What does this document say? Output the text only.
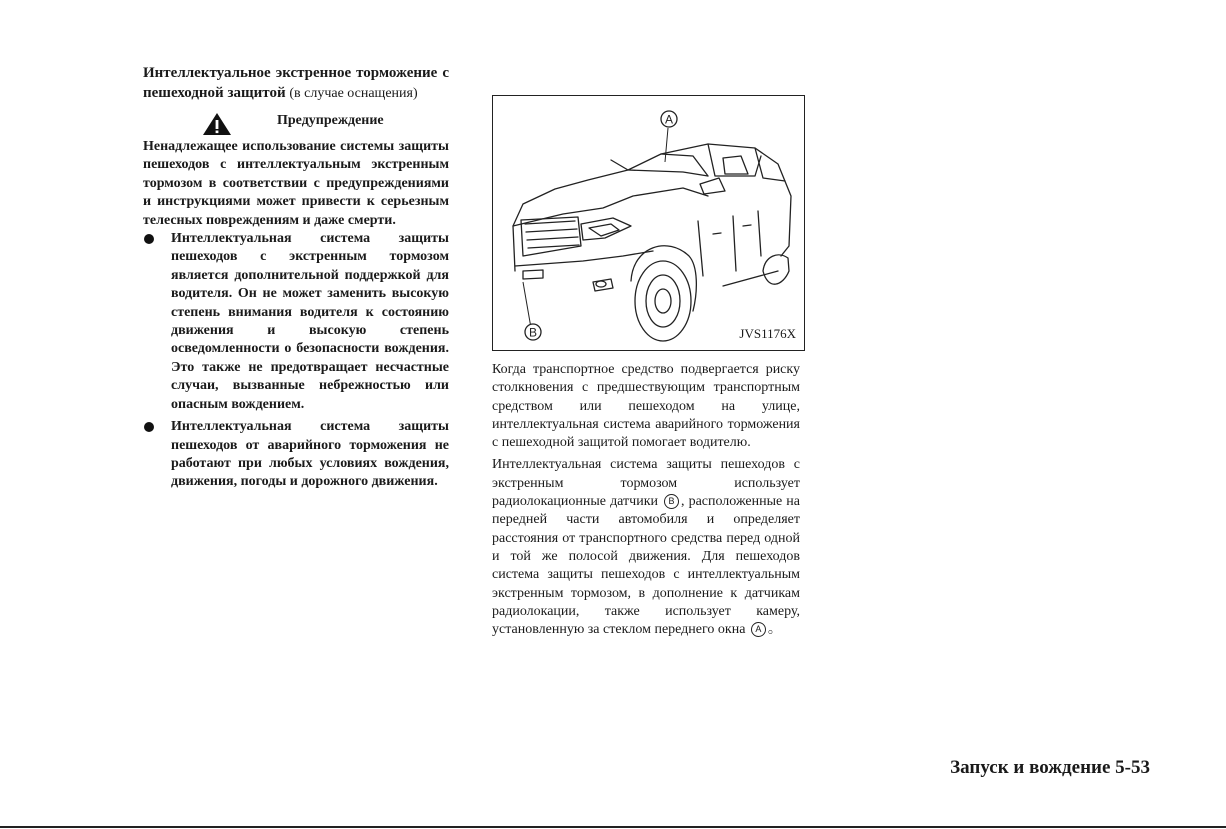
Интеллектуальное экстренное торможение с пешеходной защитой (в случае оснащения)

Предупреждение

Ненадлежащее использование системы защиты пешеходов с интеллектуальным экстренным тормозом в соответствии с предупреждениями и инструкциями может привести к серьезным телесных повреждениям и даже смерти.

Интеллектуальная система защиты пешеходов с экстренным тормозом является дополнительной поддержкой для водителя. Он не может заменить высокую степень внимания водителя к состоянию движения и высокую степень осведомленности о безопасности вождения. Это также не предотвращает несчастные случаи, вызванные небрежностью или опасным вождением.

Интеллектуальная система защиты пешеходов от аварийного торможения не работают при любых условиях вождения, движения, погоды и дорожного движения.

A
B	JVS1176X

Когда транспортное средство подвергается риску столкновения с предшествующим транспортным средством или пешеходом на улице, интеллектуальная система аварийного торможения с пешеходной защитой помогает водителю.

Интеллектуальная система защиты пешеходов с экстренным тормозом использует радиолокационные датчики B , расположенные на передней части автомобиля и определяет расстояния от транспортного средства перед одной и той же полосой движения. Для пешеходов система защиты пешеходов с интеллектуальным экстренным тормозом, в дополнение к датчикам радиолокации, также использует камеру, установленную за стеклом переднего окна A 。

Запуск и вождение 5-53
